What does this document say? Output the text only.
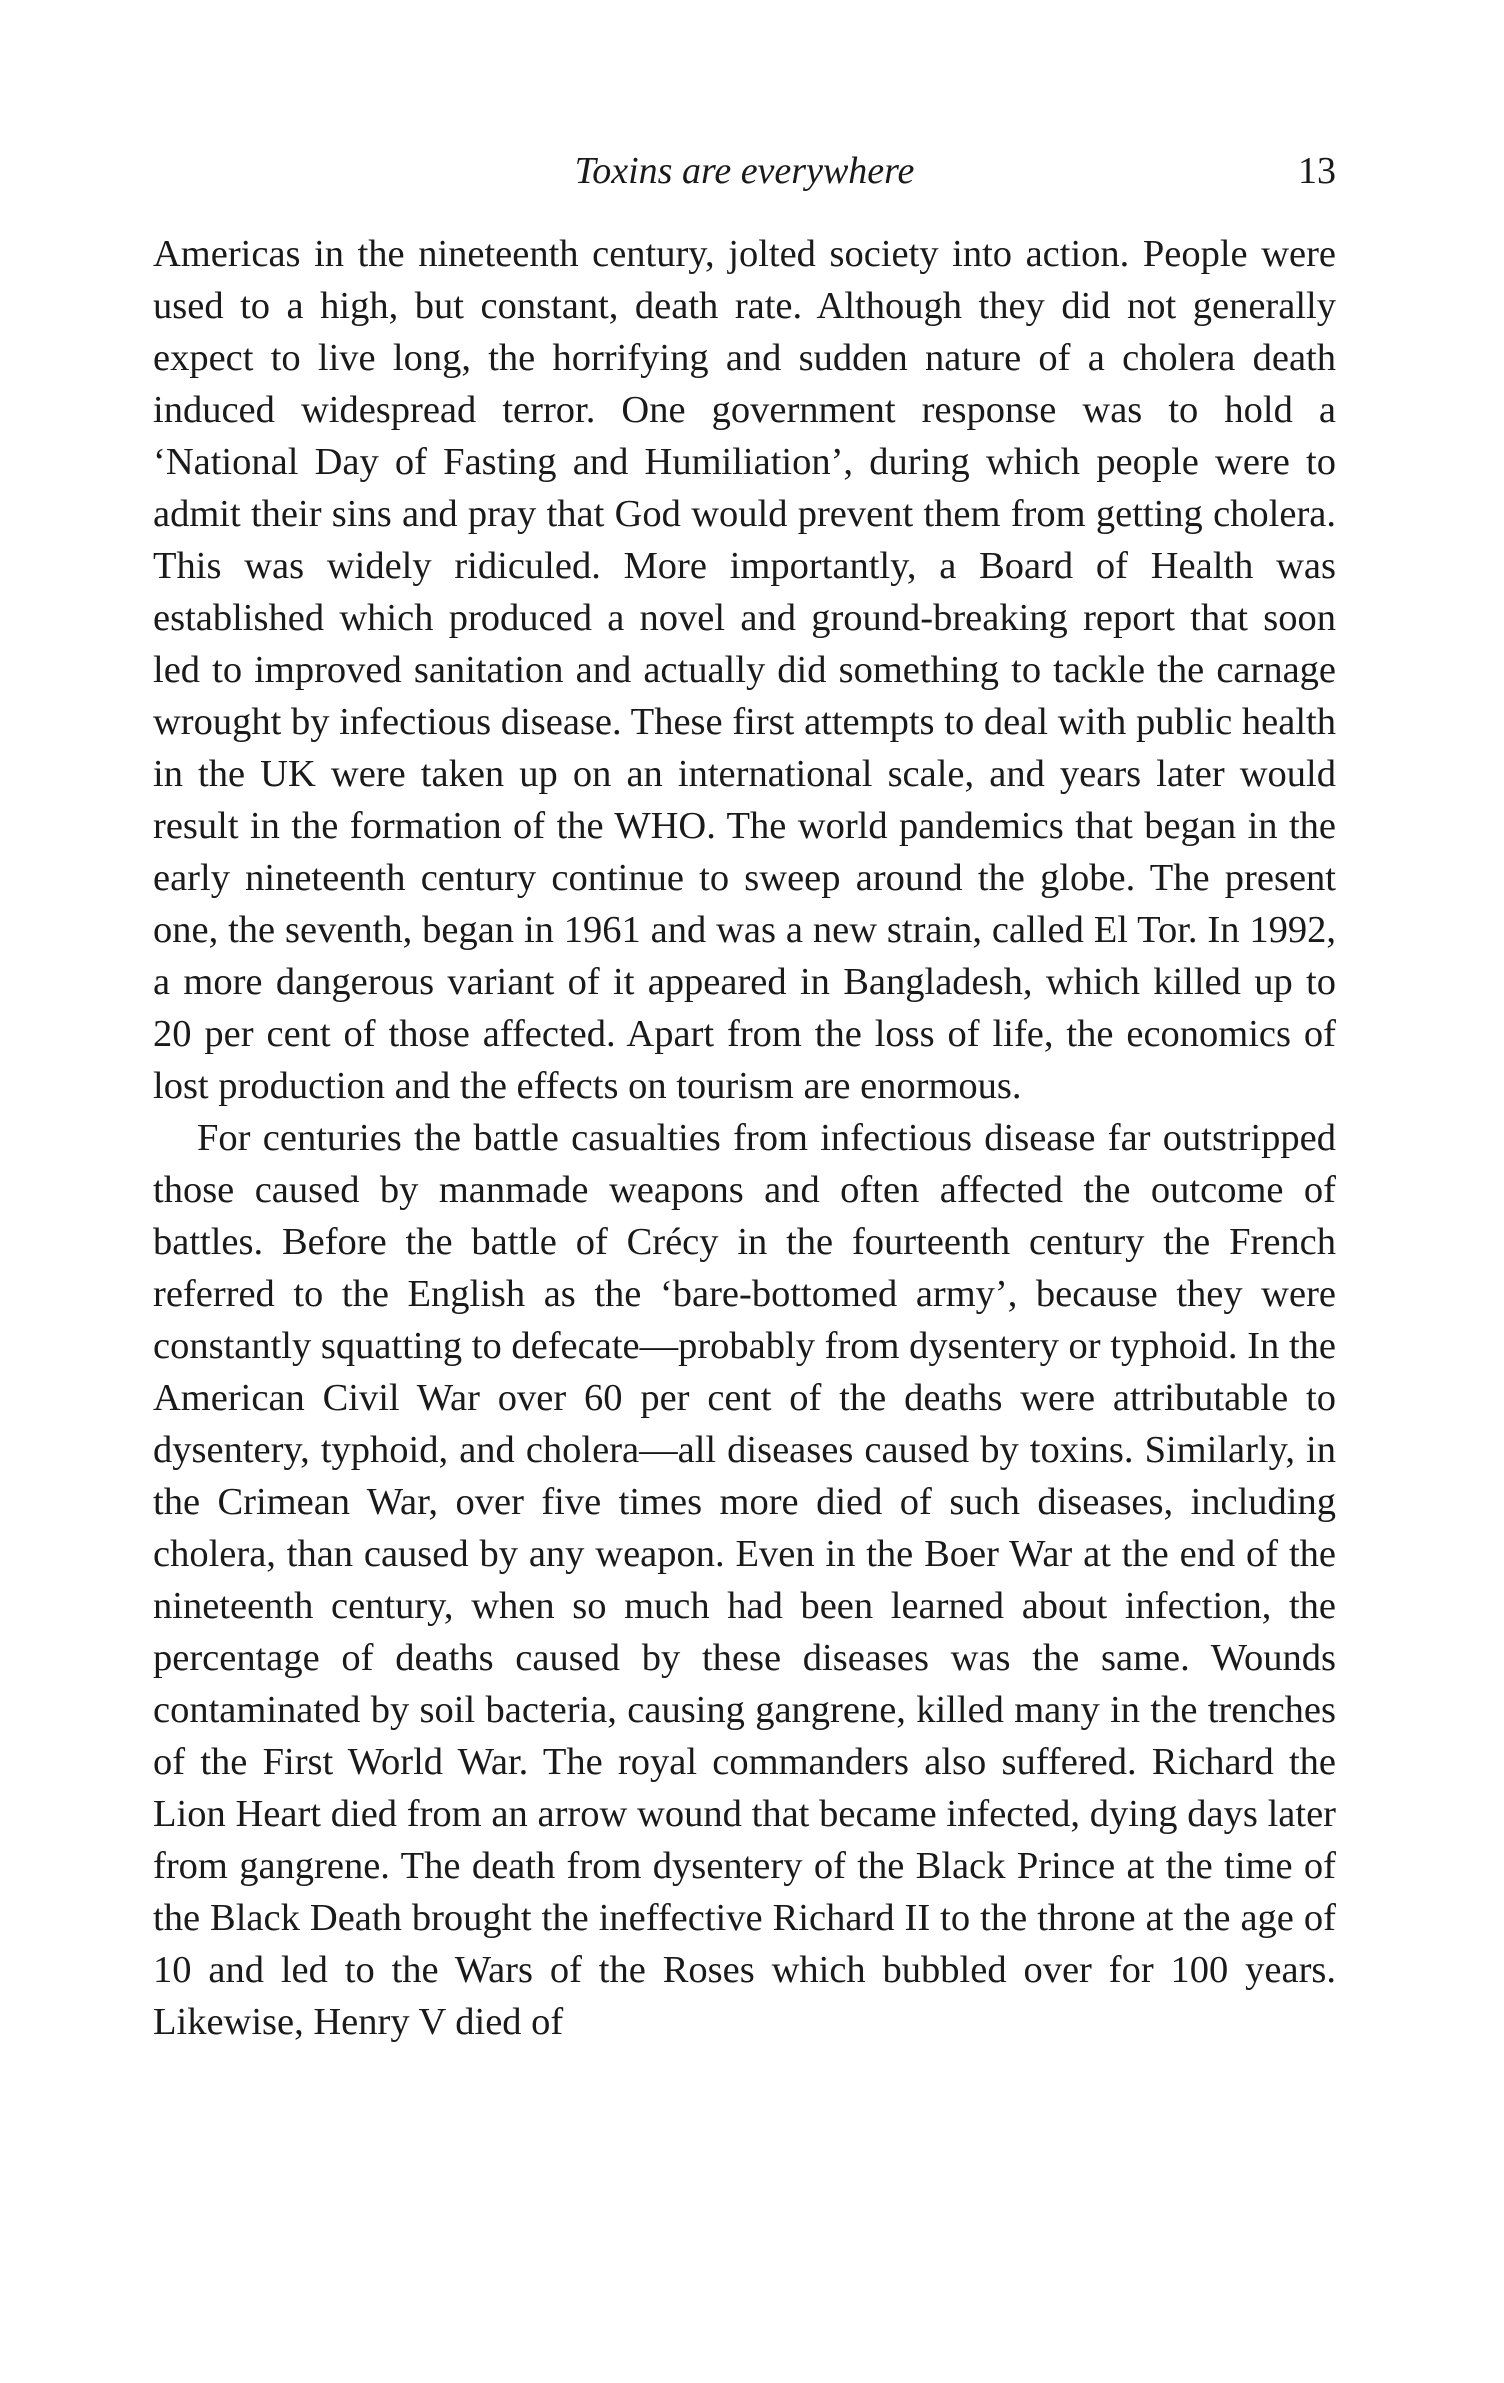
Toxins are everywhere	13

Americas in the nineteenth century, jolted society into action. People were used to a high, but constant, death rate. Although they did not generally expect to live long, the horrifying and sudden nature of a cholera death induced widespread terror. One government response was to hold a ‘National Day of Fasting and Humiliation’, during which people were to admit their sins and pray that God would prevent them from getting cholera. This was widely ridiculed. More importantly, a Board of Health was established which produced a novel and ground-breaking report that soon led to improved sanitation and actually did something to tackle the carnage wrought by infectious disease. These first attempts to deal with public health in the UK were taken up on an international scale, and years later would result in the formation of the WHO. The world pandemics that began in the early nineteenth century continue to sweep around the globe. The present one, the seventh, began in 1961 and was a new strain, called El Tor. In 1992, a more dangerous variant of it appeared in Bangladesh, which killed up to 20 per cent of those affected. Apart from the loss of life, the economics of lost production and the effects on tourism are enormous.

For centuries the battle casualties from infectious disease far outstripped those caused by manmade weapons and often affected the outcome of battles. Before the battle of Crécy in the fourteenth century the French referred to the English as the ‘bare-bottomed army’, because they were constantly squatting to defecate—probably from dysentery or typhoid. In the American Civil War over 60 per cent of the deaths were attributable to dysentery, typhoid, and cholera—all diseases caused by toxins. Similarly, in the Crimean War, over five times more died of such diseases, including cholera, than caused by any weapon. Even in the Boer War at the end of the nineteenth century, when so much had been learned about infection, the percentage of deaths caused by these diseases was the same. Wounds contaminated by soil bacteria, causing gangrene, killed many in the trenches of the First World War. The royal commanders also suffered. Richard the Lion Heart died from an arrow wound that became infected, dying days later from gangrene. The death from dysentery of the Black Prince at the time of the Black Death brought the ineffective Richard II to the throne at the age of 10 and led to the Wars of the Roses which bubbled over for 100 years. Likewise, Henry V died of
